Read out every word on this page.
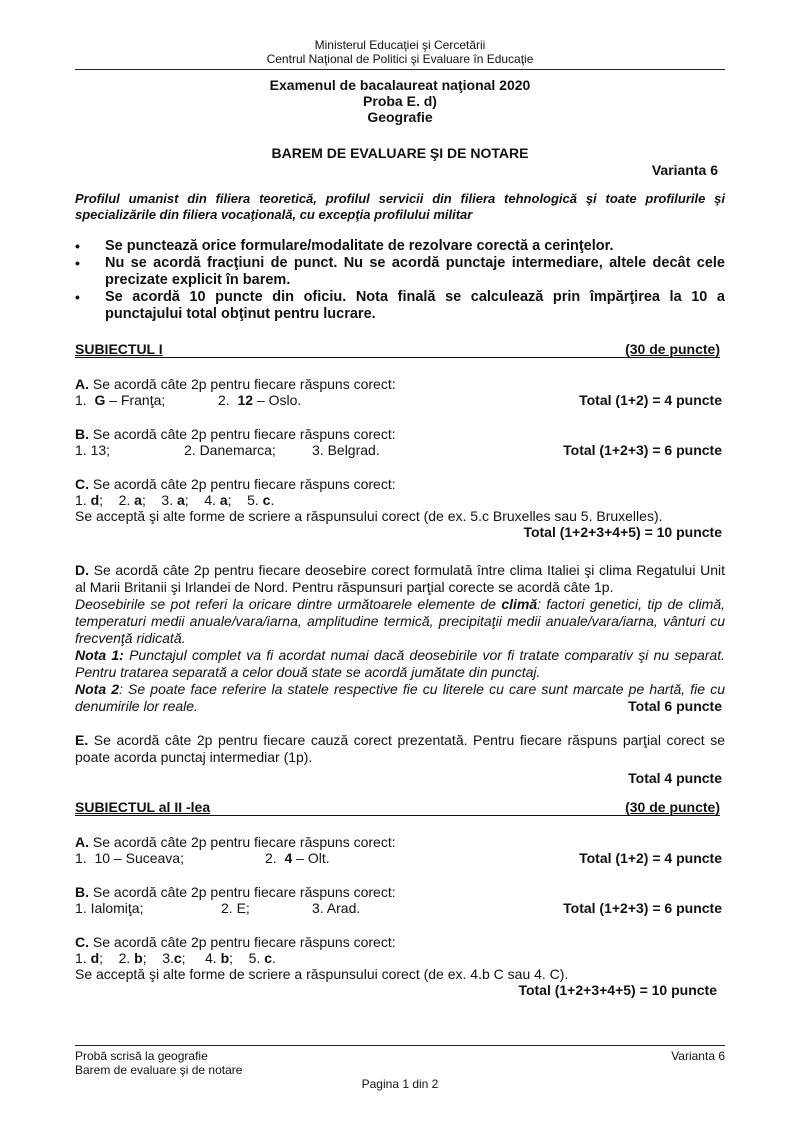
Ministerul Educaţiei şi Cercetării
Centrul Naţional de Politici şi Evaluare în Educaţie
Examenul de bacalaureat naţional 2020
Proba E. d)
Geografie
BAREM DE EVALUARE ŞI DE NOTARE
Varianta 6
Profilul umanist din filiera teoretică, profilul servicii din filiera tehnologică şi toate profilurile şi specializările din filiera vocaţională, cu excepţia profilului militar
•	Se punctează orice formulare/modalitate de rezolvare corectă a cerinţelor.
•	Nu se acordă fracţiuni de punct. Nu se acordă punctaje intermediare, altele decât cele precizate explicit în barem.
•	Se acordă 10 puncte din oficiu. Nota finală se calculează prin împărţirea la 10 a punctajului total obţinut pentru lucrare.
SUBIECTUL I	(30 de puncte)
A. Se acordă câte 2p pentru fiecare răspuns corect:
1. G – Franţa;	2. 12 – Oslo.	Total (1+2) = 4 puncte
B. Se acordă câte 2p pentru fiecare răspuns corect:
1. 13;	2. Danemarca;	3. Belgrad.	Total (1+2+3) = 6 puncte
C. Se acordă câte 2p pentru fiecare răspuns corect:
1. d; 2. a; 3. a; 4. a; 5. c.
Se acceptă şi alte forme de scriere a răspunsului corect (de ex. 5.c Bruxelles sau 5. Bruxelles).
Total (1+2+3+4+5) = 10 puncte
D. Se acordă câte 2p pentru fiecare deosebire corect formulată între clima Italiei şi clima Regatului Unit al Marii Britanii şi Irlandei de Nord. Pentru răspunsuri parţial corecte se acordă câte 1p.
Deosebirile se pot referi la oricare dintre următoarele elemente de climă: factori genetici, tip de climă, temperaturi medii anuale/vara/iarna, amplitudine termică, precipitaţii medii anuale/vara/iarna, vânturi cu frecvenţă ridicată.
Nota 1: Punctajul complet va fi acordat numai dacă deosebirile vor fi tratate comparativ şi nu separat. Pentru tratarea separată a celor două state se acordă jumătate din punctaj.
Nota 2: Se poate face referire la statele respective fie cu literele cu care sunt marcate pe hartă, fie cu denumirile lor reale.	Total 6 puncte
E. Se acordă câte 2p pentru fiecare cauză corect prezentată. Pentru fiecare răspuns parţial corect se poate acorda punctaj intermediar (1p).
Total 4 puncte
SUBIECTUL al II -lea	(30 de puncte)
A. Se acordă câte 2p pentru fiecare răspuns corect:
1. 10 – Suceava;	2. 4 – Olt.	Total (1+2) = 4 puncte
B. Se acordă câte 2p pentru fiecare răspuns corect:
1. Ialomiţa;	2. E;	3. Arad.	Total (1+2+3) = 6 puncte
C. Se acordă câte 2p pentru fiecare răspuns corect:
1. d; 2. b; 3.c; 4. b; 5. c.
Se acceptă şi alte forme de scriere a răspunsului corect (de ex. 4.b C sau 4. C).
Total (1+2+3+4+5) = 10 puncte
Probă scrisă la geografie
Barem de evaluare şi de notare
Varianta 6
Pagina 1 din 2
